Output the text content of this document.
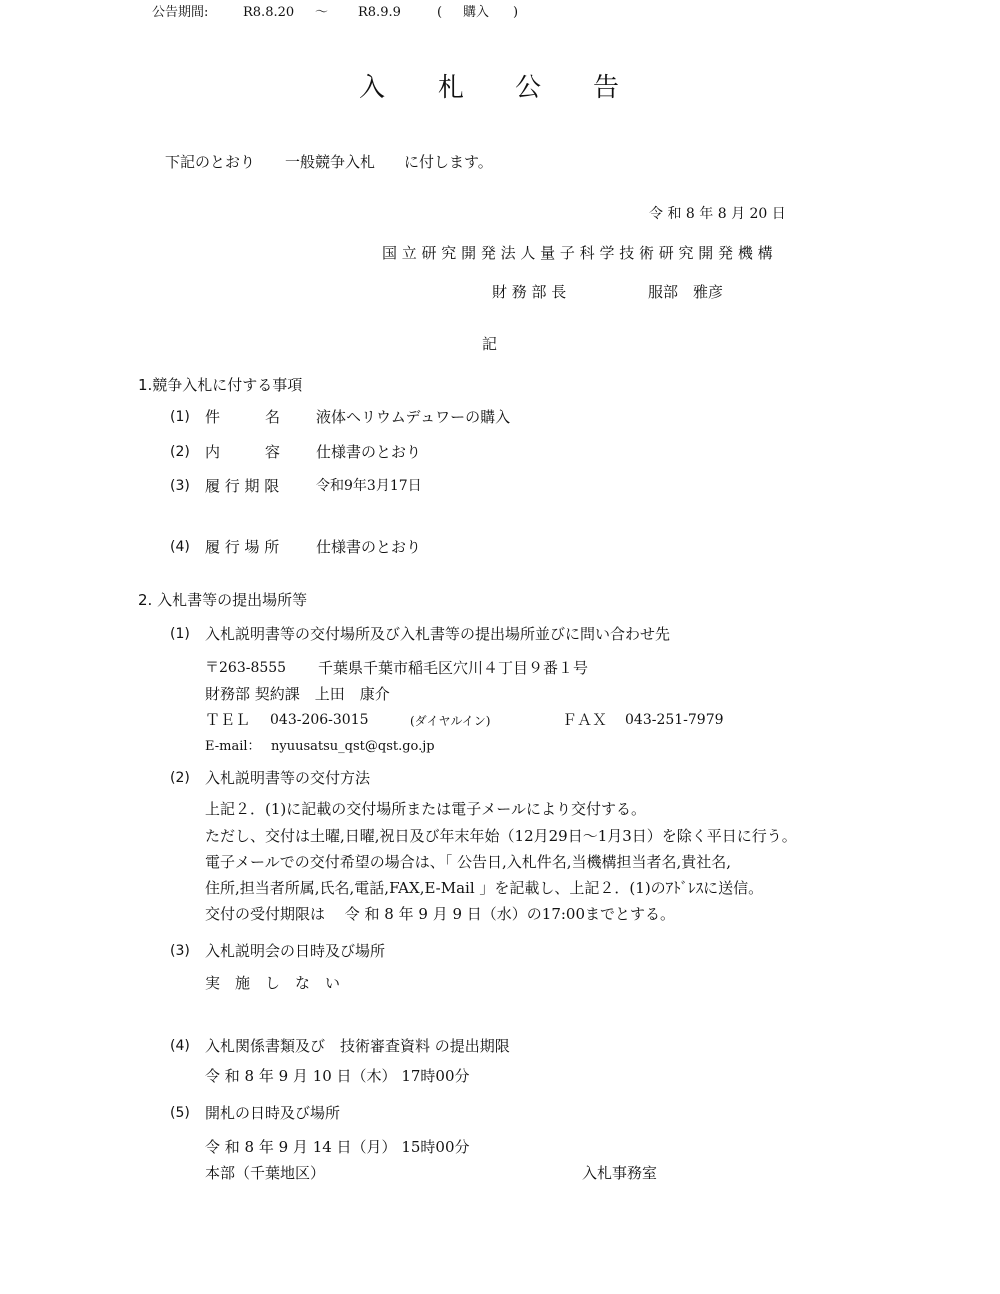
公告期間:	R8.8.20 ～ R8.9.9	( 購入 )
入 札 公 告
下記のとおり 一般競争入札 に付します。
令 和 8 年 8 月 20 日
国 立 研 究 開 発 法 人 量 子 科 学 技 術 研 究 開 発 機 構
財 務 部 長	服部　雅彦
記
1.競争入札に付する事項
(1) 件　　　名 液体ヘリウムデュワーの購入
(2) 内　　　容 仕様書のとおり
(3) 履 行 期 限	令和9年3月17日
(4) 履 行 場 所 仕様書のとおり
2. 入札書等の提出場所等
(1) 入札説明書等の交付場所及び入札書等の提出場所並びに問い合わせ先
〒263-8555 千葉県千葉市稲毛区穴川４丁目９番１号
財務部 契約課　上田　康介
ＴＥＬ 043-206-3015	(ダイヤルイン)	ＦＡＸ 043-251-7979
E-mail： nyuusatsu_qst@qst.go.jp
(2) 入札説明書等の交付方法
上記２．(1)に記載の交付場所または電子メールにより交付する。
ただし、交付は土曜,日曜,祝日及び年末年始（12月29日～1月3日）を除く平日に行う。
電子メールでの交付希望の場合は、「 公告日,入札件名,当機構担当者名,貴社名,
住所,担当者所属,氏名,電話,FAX,E-Mail 」を記載し、上記２．(1)のｱﾄﾞﾚｽに送信。
交付の受付期限は　 令 和 8 年 9 月 9 日（水）の17:00までとする。
(3) 入札説明会の日時及び場所
実　施　し　な　い
(4) 入札関係書類及び　技術審査資料 の提出期限
令 和 8 年 9 月 10 日（木） 17時00分
(5) 開札の日時及び場所
令 和 8 年 9 月 14 日（月） 15時00分
本部（千葉地区）	入札事務室
